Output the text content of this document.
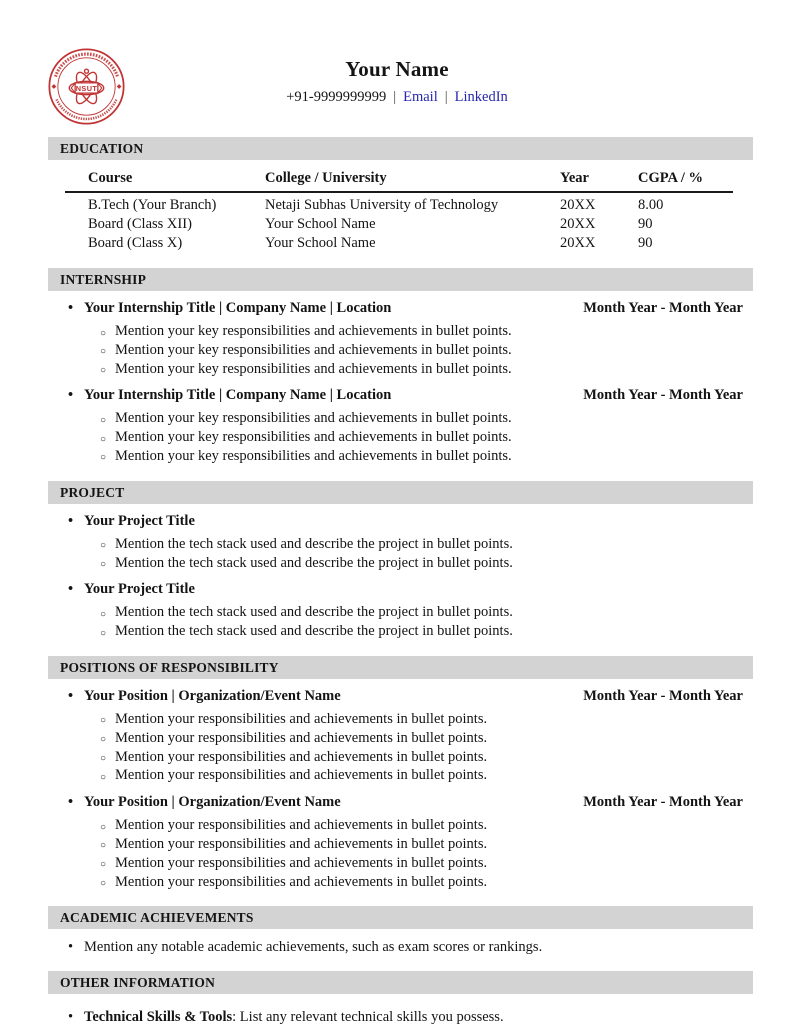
NSUT
Your Name
+91-9999999999 | Email | LinkedIn
EDUCATION
Course	College / University	Year	CGPA / %
B.Tech (Your Branch)	Netaji Subhas University of Technology	20XX	8.00
Board (Class XII)	Your School Name	20XX	90
Board (Class X)	Your School Name	20XX	90
INTERNSHIP
• Your Internship Title | Company Name | Location	Month Year - Month Year
○ Mention your key responsibilities and achievements in bullet points.
○ Mention your key responsibilities and achievements in bullet points.
○ Mention your key responsibilities and achievements in bullet points.
• Your Internship Title | Company Name | Location	Month Year - Month Year
○ Mention your key responsibilities and achievements in bullet points.
○ Mention your key responsibilities and achievements in bullet points.
○ Mention your key responsibilities and achievements in bullet points.
PROJECT
• Your Project Title
○ Mention the tech stack used and describe the project in bullet points.
○ Mention the tech stack used and describe the project in bullet points.
• Your Project Title
○ Mention the tech stack used and describe the project in bullet points.
○ Mention the tech stack used and describe the project in bullet points.
POSITIONS OF RESPONSIBILITY
• Your Position | Organization/Event Name	Month Year - Month Year
○ Mention your responsibilities and achievements in bullet points.
○ Mention your responsibilities and achievements in bullet points.
○ Mention your responsibilities and achievements in bullet points.
○ Mention your responsibilities and achievements in bullet points.
• Your Position | Organization/Event Name	Month Year - Month Year
○ Mention your responsibilities and achievements in bullet points.
○ Mention your responsibilities and achievements in bullet points.
○ Mention your responsibilities and achievements in bullet points.
○ Mention your responsibilities and achievements in bullet points.
ACADEMIC ACHIEVEMENTS
• Mention any notable academic achievements, such as exam scores or rankings.
OTHER INFORMATION
• Technical Skills & Tools: List any relevant technical skills you possess.
